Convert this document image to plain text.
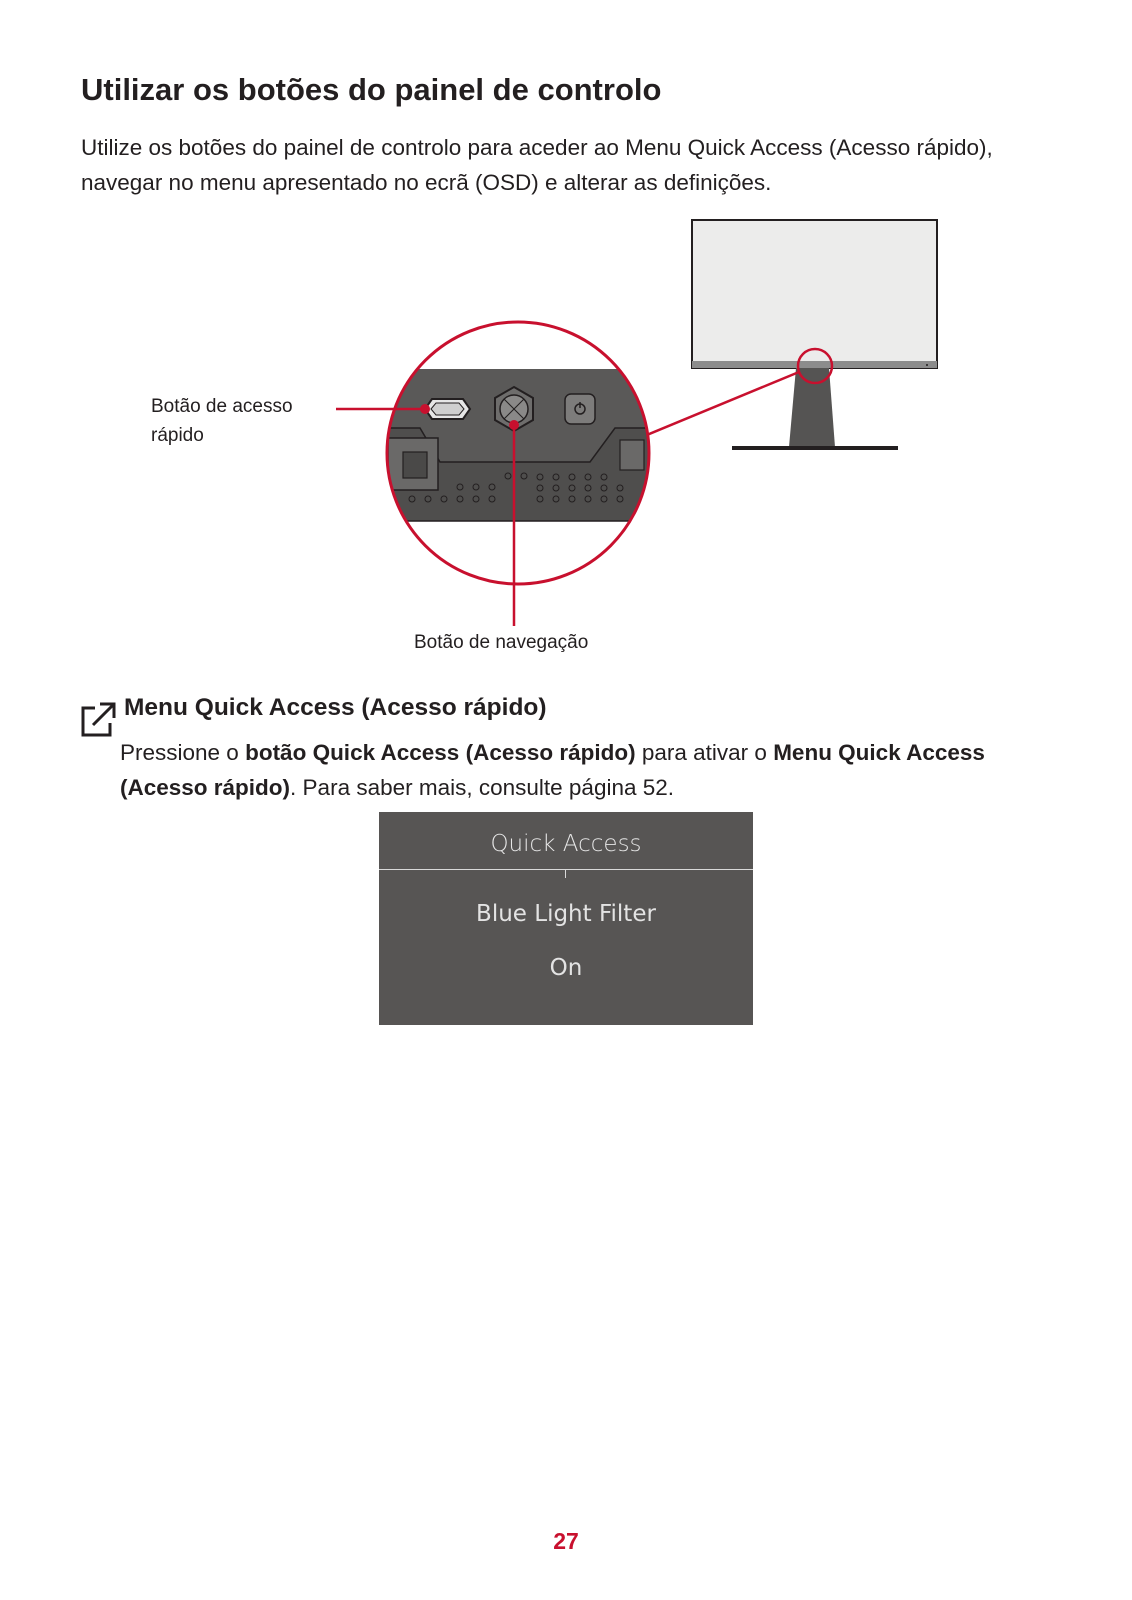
Utilizar os botões do painel de controlo

Utilize os botões do painel de controlo para aceder ao Menu Quick Access (Acesso rápido), navegar no menu apresentado no ecrã (OSD) e alterar as definições.

Botão de acesso rápido
Botão de navegação
Menu Quick Access (Acesso rápido)

Pressione o botão Quick Access (Acesso rápido) para ativar o Menu Quick Access (Acesso rápido). Para saber mais, consulte página 52.

Quick Access
Blue Light Filter
On
27
